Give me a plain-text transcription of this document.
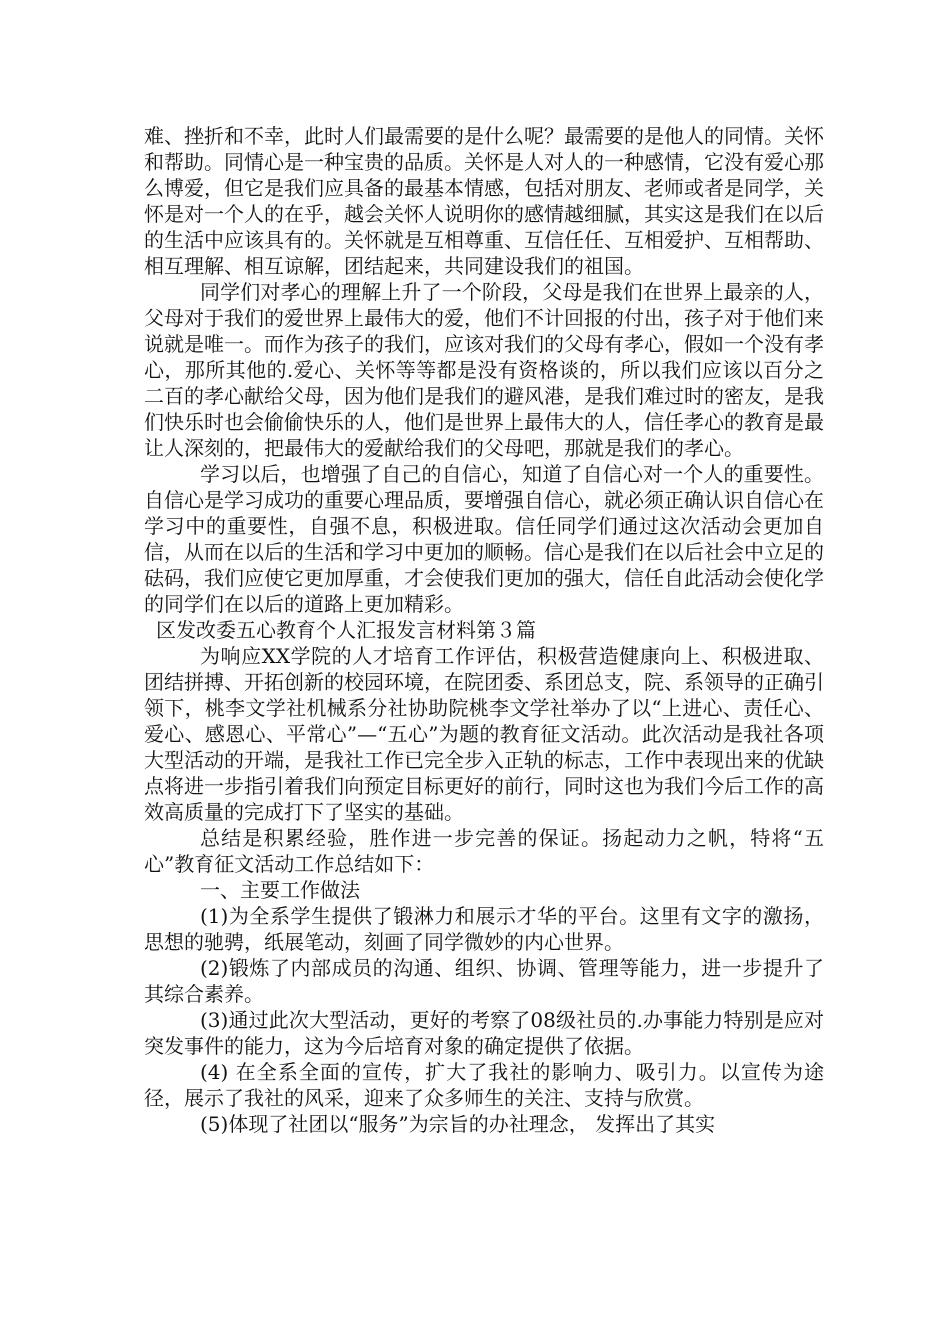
难、挫折和不幸，此时人们最需要的是什么呢？最需要的是他人的同情。关怀和帮助。同情心是一种宝贵的品质。关怀是人对人的一种感情，它没有爱心那么博爱，但它是我们应具备的最基本情感，包括对朋友、老师或者是同学，关怀是对一个人的在乎，越会关怀人说明你的感情越细腻，其实这是我们在以后的生活中应该具有的。关怀就是互相尊重、互信任任、互相爱护、互相帮助、相互理解、相互谅解，团结起来，共同建设我们的祖国。

同学们对孝心的理解上升了一个阶段，父母是我们在世界上最亲的人，父母对于我们的爱世界上最伟大的爱，他们不计回报的付出，孩子对于他们来说就是唯一。而作为孩子的我们，应该对我们的父母有孝心，假如一个没有孝心，那所其他的.爱心、关怀等等都是没有资格谈的，所以我们应该以百分之二百的孝心献给父母，因为他们是我们的避风港，是我们难过时的密友，是我们快乐时也会偷偷快乐的人，他们是世界上最伟大的人，信任孝心的教育是最让人深刻的，把最伟大的爱献给我们的父母吧，那就是我们的孝心。

学习以后，也增强了自己的自信心，知道了自信心对一个人的重要性。自信心是学习成功的重要心理品质，要增强自信心，就必须正确认识自信心在学习中的重要性，自强不息，积极进取。信任同学们通过这次活动会更加自信，从而在以后的生活和学习中更加的顺畅。信心是我们在以后社会中立足的砝码，我们应使它更加厚重，才会使我们更加的强大，信任自此活动会使化学的同学们在以后的道路上更加精彩。

区发改委五心教育个人汇报发言材料第３篇

为响应XX学院的人才培育工作评估，积极营造健康向上、积极进取、团结拼搏、开拓创新的校园环境，在院团委、系团总支，院、系领导的正确引领下，桃李文学社机械系分社协助院桃李文学社举办了以“上进心、责任心、爱心、感恩心、平常心”—“五心”为题的教育征文活动。此次活动是我社各项大型活动的开端，是我社工作已完全步入正轨的标志，工作中表现出来的优缺点将进一步指引着我们向预定目标更好的前行，同时这也为我们今后工作的高效高质量的完成打下了坚实的基础。

总结是积累经验，胜作进一步完善的保证。扬起动力之帆，特将“五心”教育征文活动工作总结如下：

一、主要工作做法

(1)为全系学生提供了锻淋力和展示才华的平台。这里有文字的激扬，思想的驰骋，纸展笔动，刻画了同学微妙的内心世界。

(2)锻炼了内部成员的沟通、组织、协调、管理等能力，进一步提升了其综合素养。

(3)通过此次大型活动，更好的考察了08级社员的.办事能力特别是应对突发事件的能力，这为今后培育对象的确定提供了依据。

(4) 在全系全面的宣传，扩大了我社的影响力、吸引力。以宣传为途径，展示了我社的风采，迎来了众多师生的关注、支持与欣赏。

(5)体现了社团以“服务”为宗旨的办社理念， 发挥出了其实
